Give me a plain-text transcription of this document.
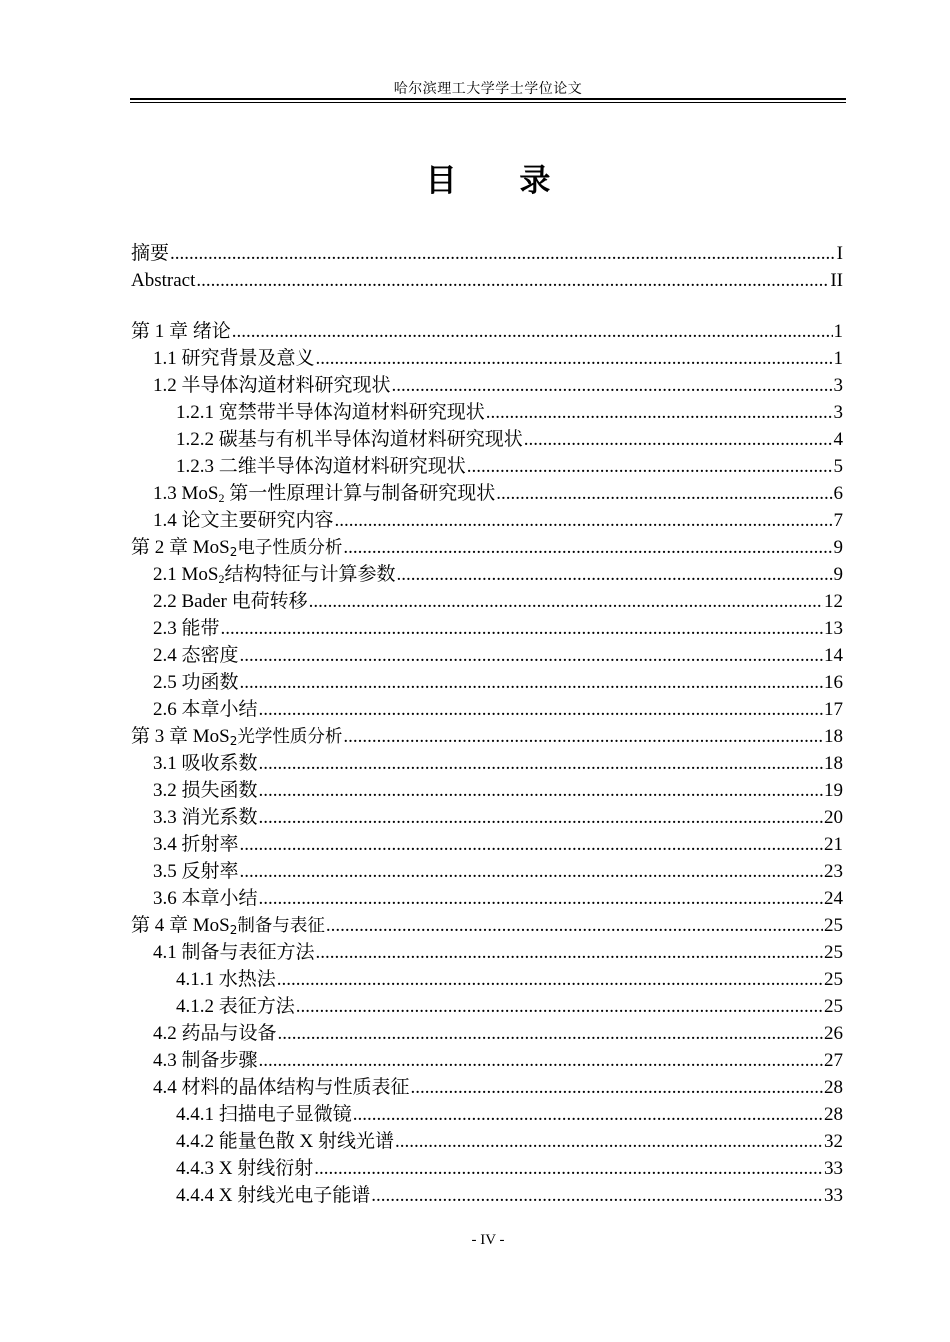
哈尔滨理工大学学士学位论文
目 录
摘要 .....	I
Abstract .....	II
第 1 章 绪论 .....	1
1.1 研究背景及意义 .....	1
1.2 半导体沟道材料研究现状 .....	3
1.2.1 宽禁带半导体沟道材料研究现状 .....	3
1.2.2 碳基与有机半导体沟道材料研究现状 .....	4
1.2.3 二维半导体沟道材料研究现状 .....	5
1.3 MoS$_2$ 第一性原理计算与制备研究现状 .....	6
1.4 论文主要研究内容 .....	7
第 2 章 MoS$_2$电子性质分析 .....	9
2.1 MoS$_2$结构特征与计算参数 .....	9
2.2 Bader 电荷转移 .....	12
2.3 能带 .....	13
2.4 态密度 .....	14
2.5 功函数 .....	16
2.6 本章小结 .....	17
第 3 章 MoS$_2$光学性质分析 .....	18
3.1 吸收系数 .....	18
3.2 损失函数 .....	19
3.3 消光系数 .....	20
3.4 折射率 .....	21
3.5 反射率 .....	23
3.6 本章小结 .....	24
第 4 章 MoS$_2$制备与表征 .....	25
4.1 制备与表征方法 .....	25
4.1.1 水热法 .....	25
4.1.2 表征方法 .....	25
4.2 药品与设备 .....	26
4.3 制备步骤 .....	27
4.4 材料的晶体结构与性质表征 .....	28
4.4.1 扫描电子显微镜 .....	28
4.4.2 能量色散 X 射线光谱 .....	32
4.4.3 X 射线衍射 .....	33
4.4.4 X 射线光电子能谱 .....	33
- IV -
